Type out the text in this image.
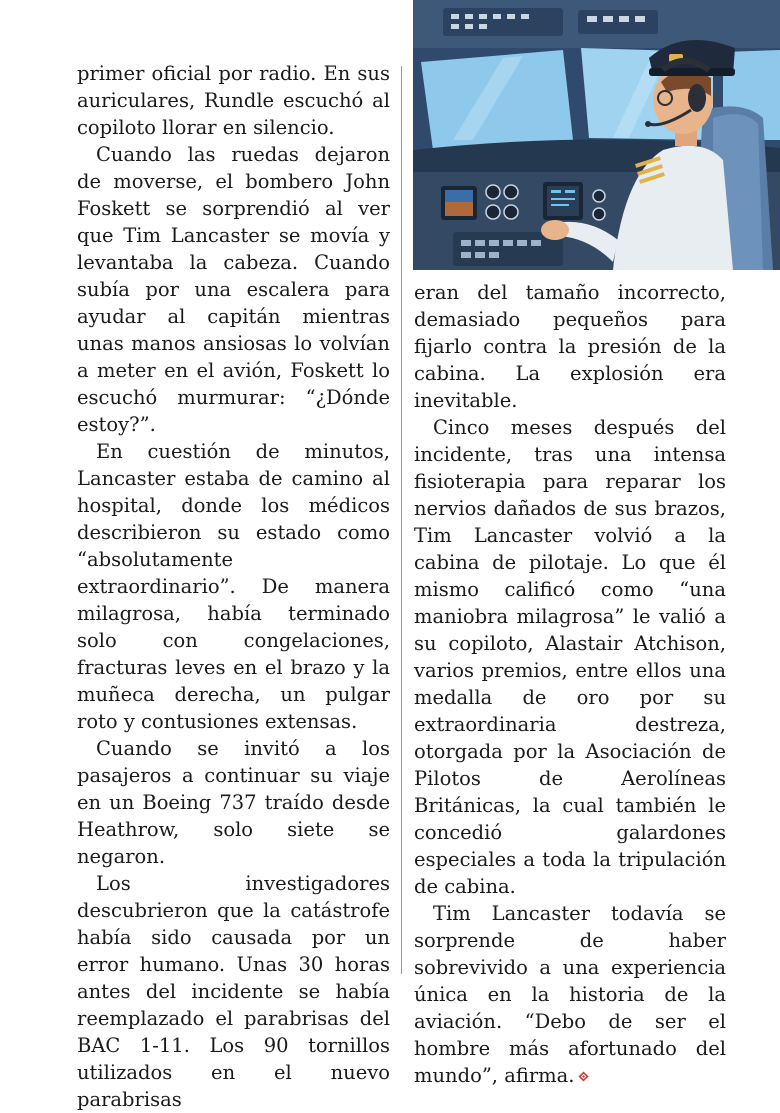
primer oficial por radio. En sus auriculares, Rundle escuchó al copiloto llorar en silencio.

Cuando las ruedas dejaron de moverse, el bombero John Foskett se sorprendió al ver que Tim Lancaster se movía y levantaba la cabeza. Cuando subía por una escalera para ayudar al capitán mientras unas manos ansiosas lo volvían a meter en el avión, Foskett lo escuchó murmurar: “¿Dónde estoy?”.

En cuestión de minutos, Lancaster estaba de camino al hospital, donde los médicos describieron su estado como “absolutamente extraordinario”. De manera milagrosa, había terminado solo con congelaciones, fracturas leves en el brazo y la muñeca derecha, un pulgar roto y contusiones extensas.

Cuando se invitó a los pasajeros a continuar su viaje en un Boeing 737 traído desde Heathrow, solo siete se negaron.

Los investigadores descubrieron que la catástrofe había sido causada por un error humano. Unas 30 horas antes del incidente se había reemplazado el parabrisas del BAC 1-11. Los 90 tornillos utilizados en el nuevo parabrisas

eran del tamaño incorrecto, demasiado pequeños para fijarlo contra la presión de la cabina. La explosión era inevitable.

Cinco meses después del incidente, tras una intensa fisioterapia para reparar los nervios dañados de sus brazos, Tim Lancaster volvió a la cabina de pilotaje. Lo que él mismo calificó como “una maniobra milagrosa” le valió a su copiloto, Alastair Atchison, varios premios, entre ellos una medalla de oro por su extraordinaria destreza, otorgada por la Asociación de Pilotos de Aerolíneas Británicas, la cual también le concedió galardones especiales a toda la tripulación de cabina.

Tim Lancaster todavía se sorprende de haber sobrevivido a una experiencia única en la historia de la aviación. “Debo de ser el hombre más afortunado del mundo”, afirma.
